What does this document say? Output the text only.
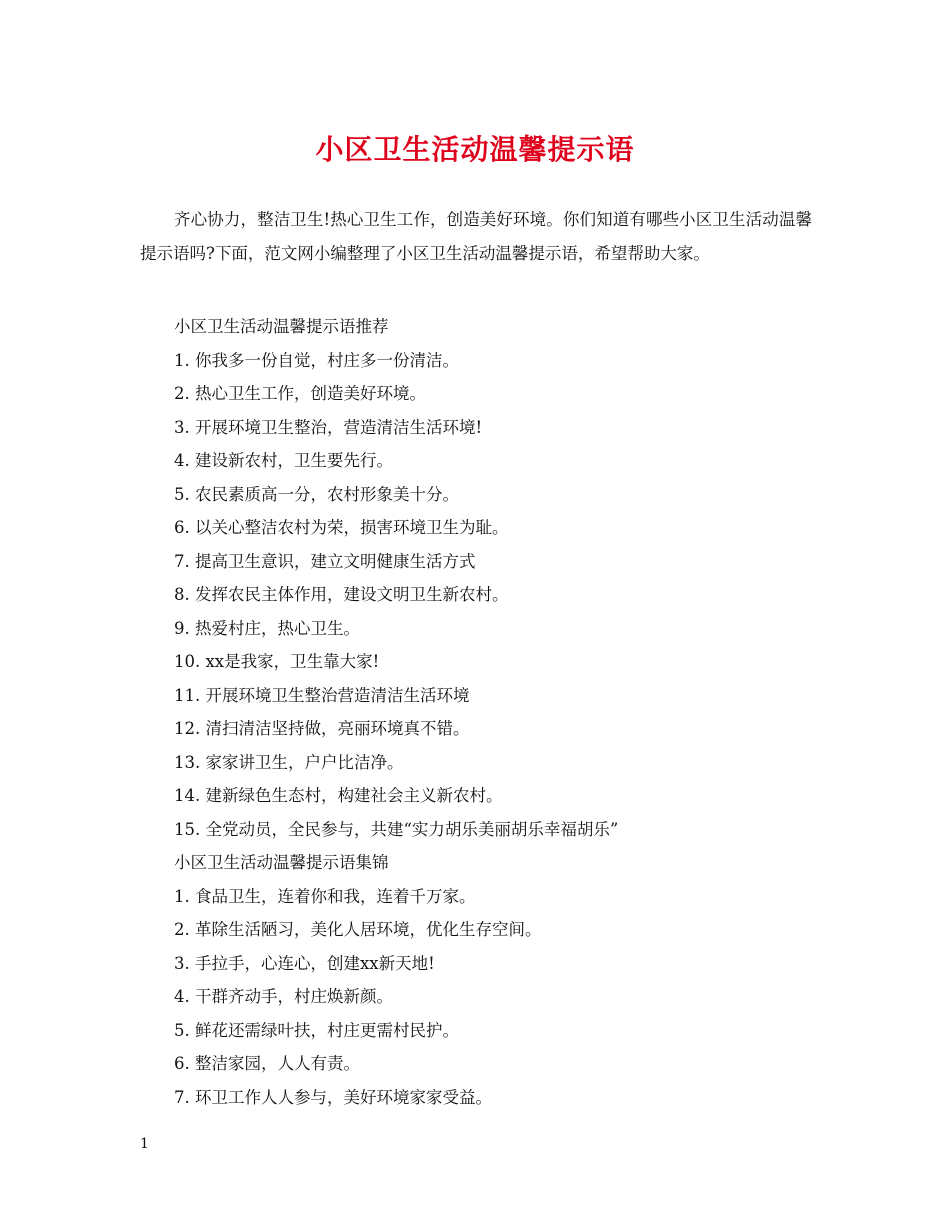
小区卫生活动温馨提示语

齐心协力，整洁卫生!热心卫生工作，创造美好环境。你们知道有哪些小区卫生活动温馨提示语吗?下面，范文网小编整理了小区卫生活动温馨提示语，希望帮助大家。

小区卫生活动温馨提示语推荐

1. 你我多一份自觉，村庄多一份清洁。

2. 热心卫生工作，创造美好环境。

3. 开展环境卫生整治，营造清洁生活环境!

4. 建设新农村，卫生要先行。

5. 农民素质高一分，农村形象美十分。

6. 以关心整洁农村为荣，损害环境卫生为耻。

7. 提高卫生意识，建立文明健康生活方式

8. 发挥农民主体作用，建设文明卫生新农村。

9. 热爱村庄，热心卫生。

10. xx是我家，卫生靠大家!

11. 开展环境卫生整治营造清洁生活环境

12. 清扫清洁坚持做，亮丽环境真不错。

13. 家家讲卫生，户户比洁净。

14. 建新绿色生态村，构建社会主义新农村。

15. 全党动员，全民参与，共建“实力胡乐美丽胡乐幸福胡乐”

小区卫生活动温馨提示语集锦

1. 食品卫生，连着你和我，连着千万家。

2. 革除生活陋习，美化人居环境，优化生存空间。

3. 手拉手，心连心，创建xx新天地!

4. 干群齐动手，村庄焕新颜。

5. 鲜花还需绿叶扶，村庄更需村民护。

6. 整洁家园，人人有责。

7. 环卫工作人人参与，美好环境家家受益。

1
